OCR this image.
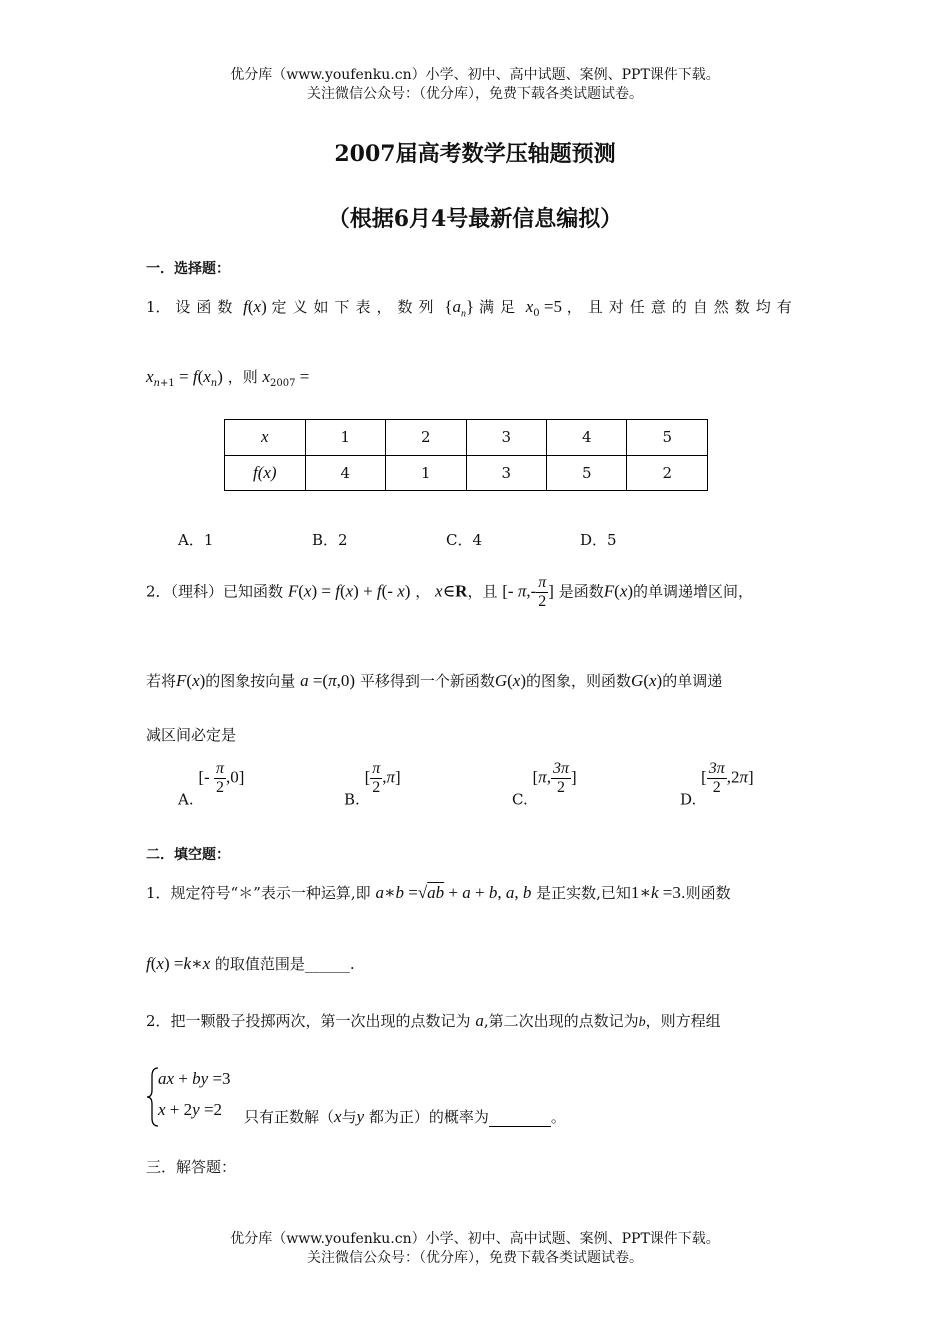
优分库（www.youfenku.cn）小学、初中、高中试题、案例、PPT课件下载。
关注微信公众号：（优分库），免费下载各类试题试卷。
2007届高考数学压轴题预测
（根据6月4号最新信息编拟）
一．选择题：
1． 设函数 f(x) 定义如下表，数列 $\{a_n\}$ 满足 $x_0 =5$ ，且对任意的自然数均有
$x_{n+1} = f(x_n)$ ，则 $x_{2007}$ =
x	1	2	3	4	5
f(x)	4	1	3	5	2
A．1	B．2	C．4	D．5
2．（理科）已知函数 F(x) = f(x) + f(- x) ， x∈R，且 [- $\pi,- \frac{\pi}{2}$ ] 是函数F(x)的单调递增区间，
若将F(x)的图象按向量 a =(π,0) 平移得到一个新函数G(x)的图象，则函数G(x)的单调递
减区间必定是
A. [- $\frac{\pi}{2} ,0$]
B. [ $\frac{\pi}{2} ,\pi$]
C. [π, $\frac{3\pi}{2}$ ]
D. [ $\frac{3\pi}{2} ,2\pi$]
二．填空题：
1．规定符号“＊”表示一种运算,即 a∗b =√ab + a + b, a, b 是正实数,已知1∗k =3.则函数
f(x) =k∗x 的取值范围是______.
2．把一颗骰子投掷两次，第一次出现的点数记为 a,第二次出现的点数记为b，则方程组
ax + by =3
x + 2y =2 只有正数解（x与y 都为正）的概率为	。
三．解答题：
优分库（www.youfenku.cn）小学、初中、高中试题、案例、PPT课件下载。
关注微信公众号：（优分库），免费下载各类试题试卷。
